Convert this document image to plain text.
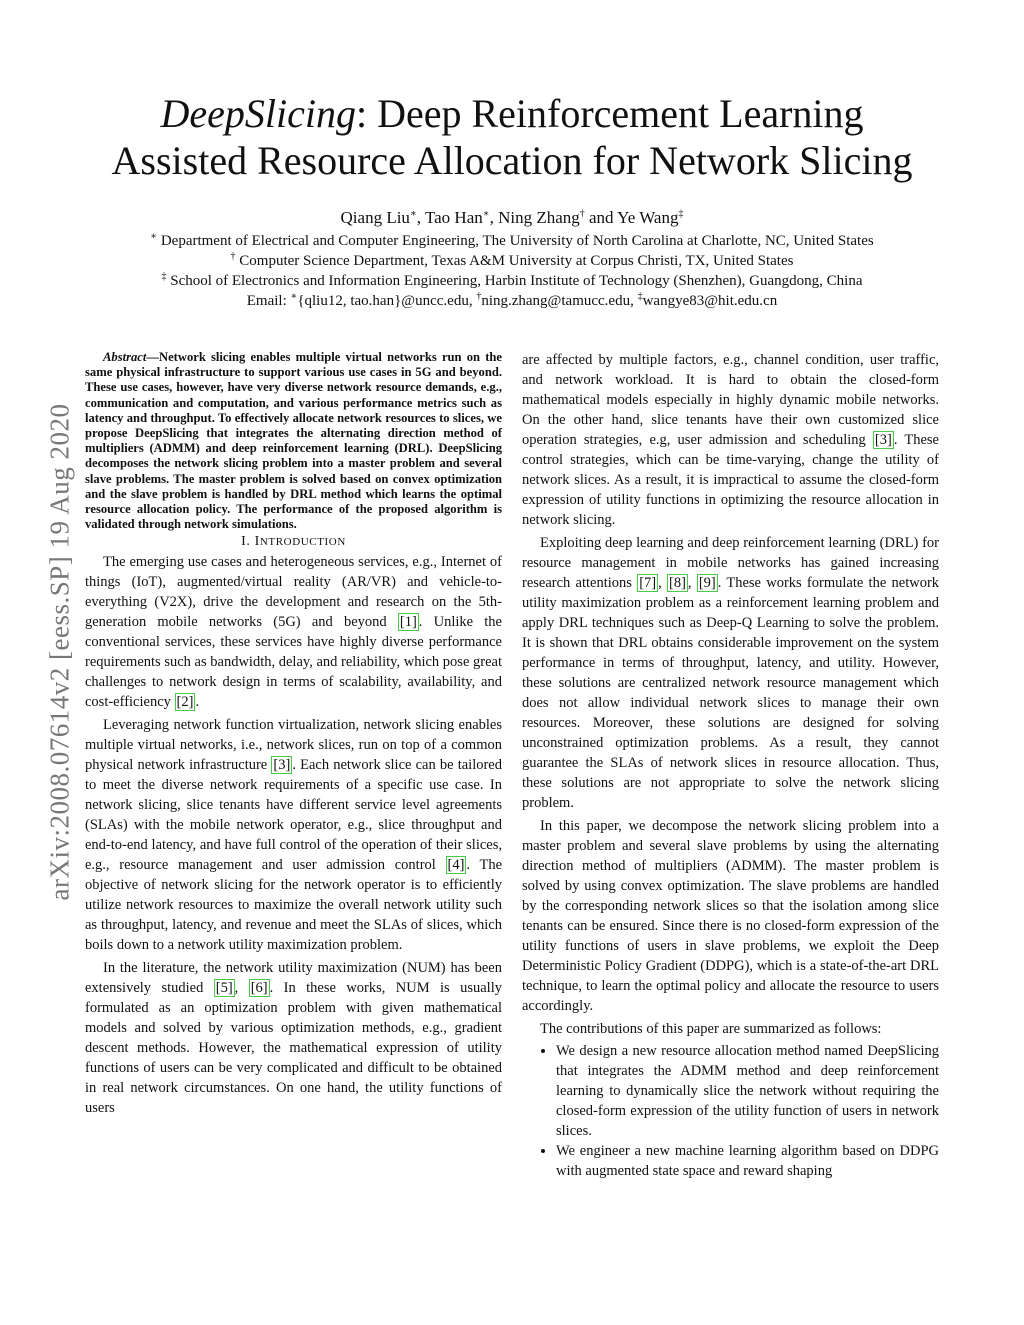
DeepSlicing: Deep Reinforcement Learning
Assisted Resource Allocation for Network Slicing
Qiang Liu∗, Tao Han∗, Ning Zhang† and Ye Wang‡
∗ Department of Electrical and Computer Engineering, The University of North Carolina at Charlotte, NC, United States
† Computer Science Department, Texas A&M University at Corpus Christi, TX, United States
‡ School of Electronics and Information Engineering, Harbin Institute of Technology (Shenzhen), Guangdong, China
Email: ∗{qliu12, tao.han}@uncc.edu, †ning.zhang@tamucc.edu, ‡wangye83@hit.edu.cn
arXiv:2008.07614v2 [eess.SP] 19 Aug 2020

Abstract—Network slicing enables multiple virtual networks run on the same physical infrastructure to support various use cases in 5G and beyond. These use cases, however, have very diverse network resource demands, e.g., communication and computation, and various performance metrics such as latency and throughput. To effectively allocate network resources to slices, we propose DeepSlicing that integrates the alternating direction method of multipliers (ADMM) and deep reinforcement learning (DRL). DeepSlicing decomposes the network slicing problem into a master problem and several slave problems. The master problem is solved based on convex optimization and the slave problem is handled by DRL method which learns the optimal resource allocation policy. The performance of the proposed algorithm is validated through network simulations.

I. INTRODUCTION

The emerging use cases and heterogeneous services, e.g., Internet of things (IoT), augmented/virtual reality (AR/VR) and vehicle-to-everything (V2X), drive the development and research on the 5th-generation mobile networks (5G) and beyond [1] . Unlike the conventional services, these services have highly diverse performance requirements such as bandwidth, delay, and reliability, which pose great challenges to network design in terms of scalability, availability, and cost-efficiency [2] .

Leveraging network function virtualization, network slicing enables multiple virtual networks, i.e., network slices, run on top of a common physical network infrastructure [3] . Each network slice can be tailored to meet the diverse network requirements of a specific use case. In network slicing, slice tenants have different service level agreements (SLAs) with the mobile network operator, e.g., slice throughput and end-to-end latency, and have full control of the operation of their slices, e.g., resource management and user admission control [4] . The objective of network slicing for the network operator is to efficiently utilize network resources to maximize the overall network utility such as throughput, latency, and revenue and meet the SLAs of slices, which boils down to a network utility maximization problem.

In the literature, the network utility maximization (NUM) has been extensively studied [5] , [6] . In these works, NUM is usually formulated as an optimization problem with given mathematical models and solved by various optimization methods, e.g., gradient descent methods. However, the mathematical expression of utility functions of users can be very complicated and difficult to be obtained in real network circumstances. On one hand, the utility functions of users

are affected by multiple factors, e.g., channel condition, user traffic, and network workload. It is hard to obtain the closed-form mathematical models especially in highly dynamic mobile networks. On the other hand, slice tenants have their own customized slice operation strategies, e.g, user admission and scheduling [3] . These control strategies, which can be time-varying, change the utility of network slices. As a result, it is impractical to assume the closed-form expression of utility functions in optimizing the resource allocation in network slicing.

Exploiting deep learning and deep reinforcement learning (DRL) for resource management in mobile networks has gained increasing research attentions [7] , [8] , [9] . These works formulate the network utility maximization problem as a reinforcement learning problem and apply DRL techniques such as Deep-Q Learning to solve the problem. It is shown that DRL obtains considerable improvement on the system performance in terms of throughput, latency, and utility. However, these solutions are centralized network resource management which does not allow individual network slices to manage their own resources. Moreover, these solutions are designed for solving unconstrained optimization problems. As a result, they cannot guarantee the SLAs of network slices in resource allocation. Thus, these solutions are not appropriate to solve the network slicing problem.

In this paper, we decompose the network slicing problem into a master problem and several slave problems by using the alternating direction method of multipliers (ADMM). The master problem is solved by using convex optimization. The slave problems are handled by the corresponding network slices so that the isolation among slice tenants can be ensured. Since there is no closed-form expression of the utility functions of users in slave problems, we exploit the Deep Deterministic Policy Gradient (DDPG), which is a state-of-the-art DRL technique, to learn the optimal policy and allocate the resource to users accordingly.

The contributions of this paper are summarized as follows:

• We design a new resource allocation method named DeepSlicing that integrates the ADMM method and deep reinforcement learning to dynamically slice the network without requiring the closed-form expression of the utility function of users in network slices.
• We engineer a new machine learning algorithm based on DDPG with augmented state space and reward shaping
